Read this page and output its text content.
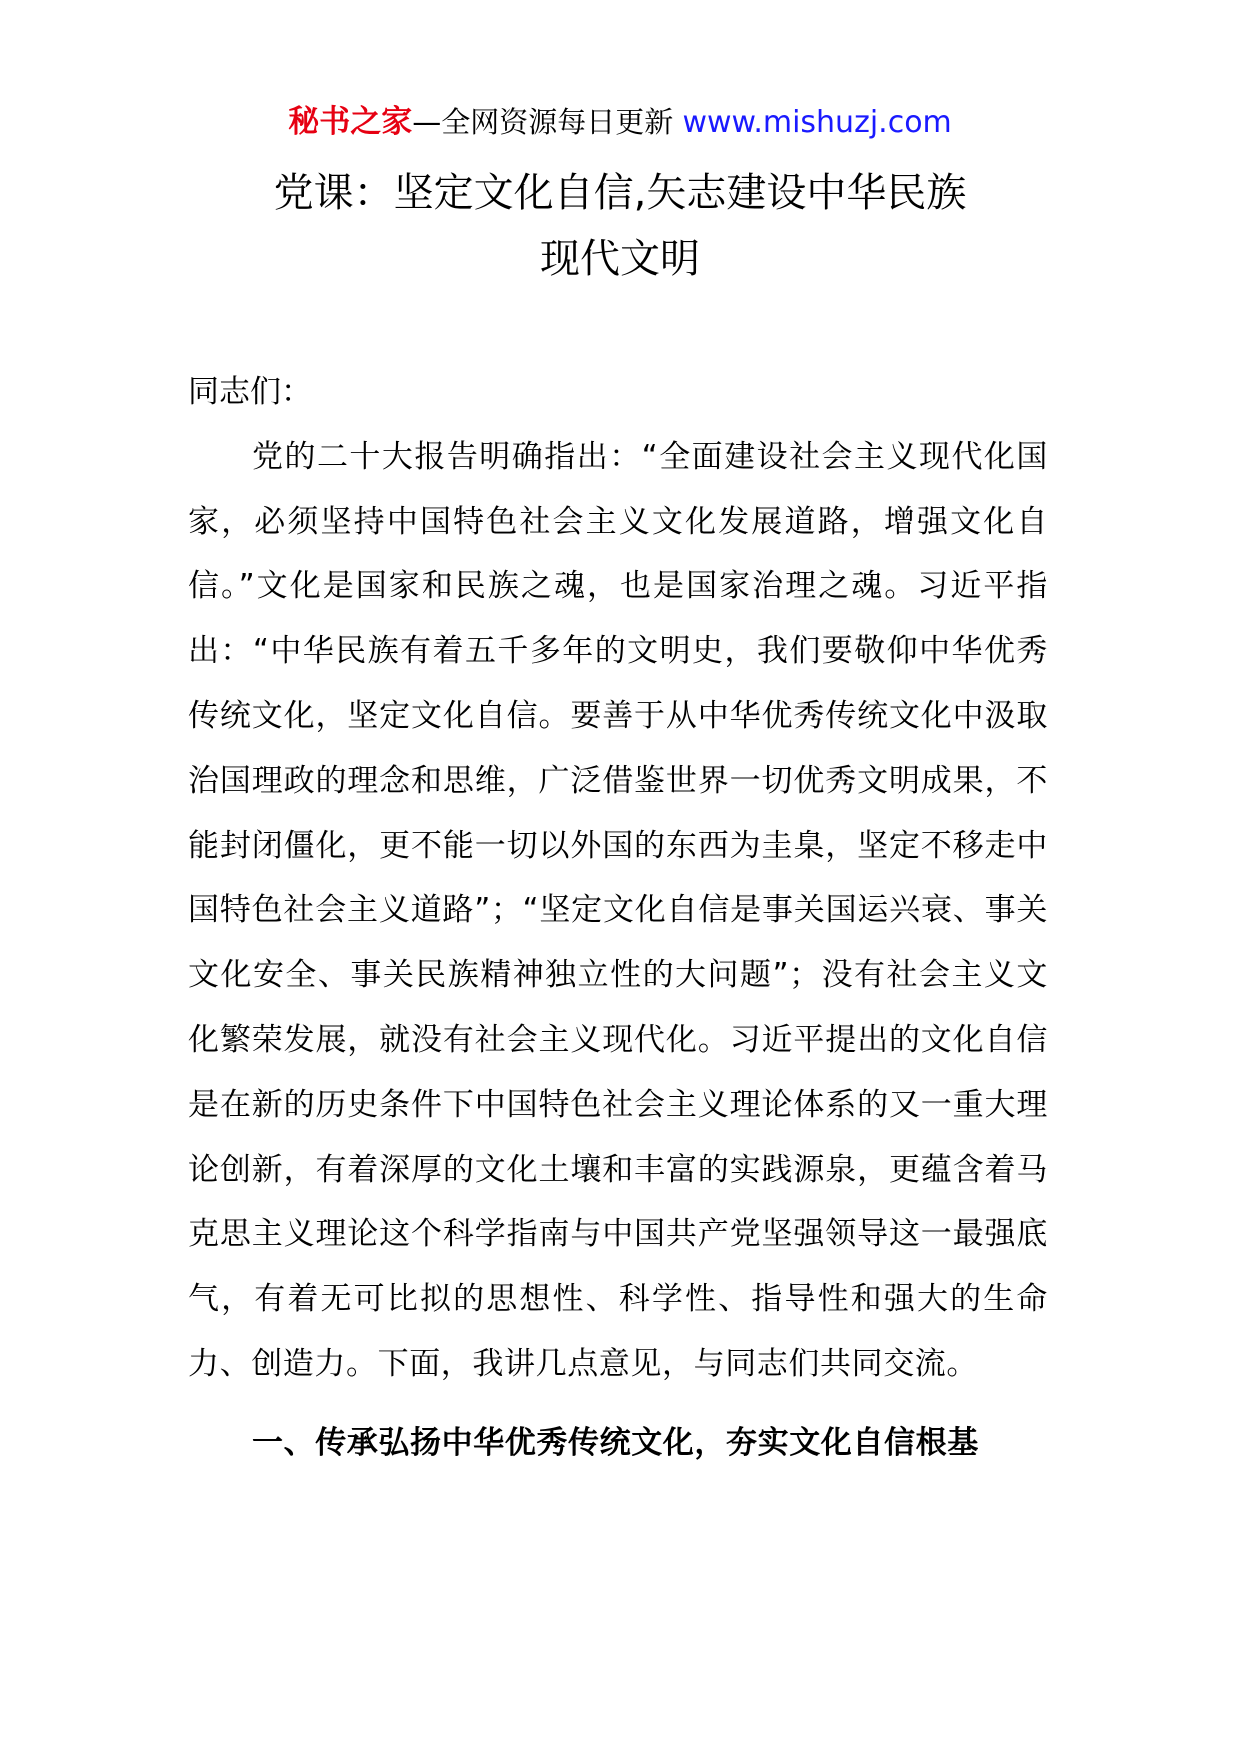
秘书之家—全网资源每日更新 www.mishuzj.com
党课：坚定文化自信,矢志建设中华民族
现代文明

同志们：

党的二十大报告明确指出：“全面建设社会主义现代化国家，必须坚持中国特色社会主义文化发展道路，增强文化自信。”文化是国家和民族之魂，也是国家治理之魂。习近平指出：“中华民族有着五千多年的文明史，我们要敬仰中华优秀传统文化，坚定文化自信。要善于从中华优秀传统文化中汲取治国理政的理念和思维，广泛借鉴世界一切优秀文明成果，不能封闭僵化，更不能一切以外国的东西为圭臬，坚定不移走中国特色社会主义道路”；“坚定文化自信是事关国运兴衰、事关文化安全、事关民族精神独立性的大问题”；没有社会主义文化繁荣发展，就没有社会主义现代化。习近平提出的文化自信是在新的历史条件下中国特色社会主义理论体系的又一重大理论创新，有着深厚的文化土壤和丰富的实践源泉，更蕴含着马克思主义理论这个科学指南与中国共产党坚强领导这一最强底气，有着无可比拟的思想性、科学性、指导性和强大的生命力、创造力。下面，我讲几点意见，与同志们共同交流。

一、传承弘扬中华优秀传统文化，夯实文化自信根基
